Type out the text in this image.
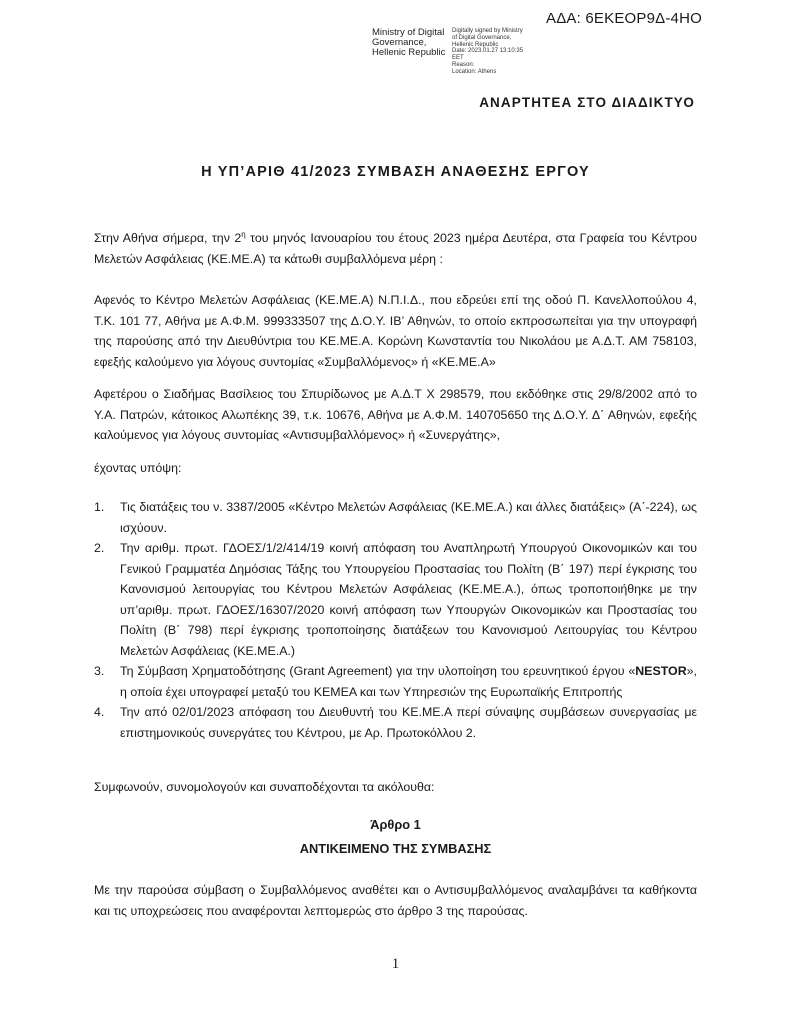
ΑΔΑ: 6ΕΚΕΟΡ9Δ-4ΗΟ
Ministry of Digital
Governance,
Hellenic Republic
Digitally signed by Ministry
of Digital Governance,
Hellenic Republic
Date: 2023.01.27 13:10:35
EET
Reason:
Location: Athens
ΑΝΑΡΤΗΤΕΑ ΣΤΟ ΔΙΑΔΙΚΤΥΟ
Η ΥΠ’ΑΡΙΘ 41/2023 ΣΥΜΒΑΣΗ ΑΝΑΘΕΣΗΣ ΕΡΓΟΥ
Στην Αθήνα σήμερα, την $2^\eta$ του μηνός Ιανουαρίου του έτους 2023 ημέρα Δευτέρα, στα Γραφεία του Κέντρου Μελετών Ασφάλειας (ΚΕ.ΜΕ.Α) τα κάτωθι συμβαλλόμενα μέρη :
Αφενός το Κέντρο Μελετών Ασφάλειας (ΚΕ.ΜΕ.Α) Ν.Π.Ι.Δ., που εδρεύει επί της οδού Π. Κανελλοπούλου 4, Τ.Κ. 101 77, Αθήνα με Α.Φ.Μ. 999333507 της Δ.Ο.Υ. ΙΒ’ Αθηνών, το οποίο εκπροσωπείται για την υπογραφή της παρούσης από την Διευθύντρια του ΚΕ.ΜΕ.Α. Κορώνη Κωνσταντία του Νικολάου με Α.Δ.Τ. ΑΜ 758103, εφεξής καλούμενο για λόγους συντομίας «Συμβαλλόμενος» ή «ΚΕ.ΜΕ.Α»
Αφετέρου ο Σιαδήμας Βασίλειος του Σπυρίδωνος με Α.Δ.Τ Χ 298579, που εκδόθηκε στις 29/8/2002 από το Υ.Α. Πατρών, κάτοικος Αλωπέκης 39, τ.κ. 10676, Αθήνα με Α.Φ.Μ. 140705650 της Δ.Ο.Υ. Δ΄ Αθηνών, εφεξής καλούμενος για λόγους συντομίας «Αντισυμβαλλόμενος» ή «Συνεργάτης»,
έχοντας υπόψη:
1. Τις διατάξεις του ν. 3387/2005 «Κέντρο Μελετών Ασφάλειας (ΚΕ.ΜΕ.Α.) και άλλες διατάξεις» (Α΄-224), ως ισχύουν.
2. Την αριθμ. πρωτ. ΓΔΟΕΣ/1/2/414/19 κοινή απόφαση του Αναπληρωτή Υπουργού Οικονομικών και του Γενικού Γραμματέα Δημόσιας Τάξης του Υπουργείου Προστασίας του Πολίτη (Β΄ 197) περί έγκρισης του Κανονισμού λειτουργίας του Κέντρου Μελετών Ασφάλειας (ΚΕ.ΜΕ.Α.), όπως τροποποιήθηκε με την υπ’αριθμ. πρωτ. ΓΔΟΕΣ/16307/2020 κοινή απόφαση των Υπουργών Οικονομικών και Προστασίας του Πολίτη (Β΄ 798) περί έγκρισης τροποποίησης διατάξεων του Κανονισμού Λειτουργίας του Κέντρου Μελετών Ασφάλειας (ΚΕ.ΜΕ.Α.)
3. Τη Σύμβαση Χρηματοδότησης (Grant Agreement) για την υλοποίηση του ερευνητικού έργου «NESTOR», η οποία έχει υπογραφεί μεταξύ του ΚΕΜΕΑ και των Υπηρεσιών της Ευρωπαϊκής Επιτροπής
4. Την από 02/01/2023 απόφαση του Διευθυντή του ΚΕ.ΜΕ.Α περί σύναψης συμβάσεων συνεργασίας με επιστημονικούς συνεργάτες του Κέντρου, με Αρ. Πρωτοκόλλου 2.
Συμφωνούν, συνομολογούν και συναποδέχονται τα ακόλουθα:
Άρθρο 1
ΑΝΤΙΚΕΙΜΕΝΟ ΤΗΣ ΣΥΜΒΑΣΗΣ
Με την παρούσα σύμβαση ο Συμβαλλόμενος αναθέτει και ο Αντισυμβαλλόμενος αναλαμβάνει τα καθήκοντα και τις υποχρεώσεις που αναφέρονται λεπτομερώς στο άρθρο 3 της παρούσας.
1
